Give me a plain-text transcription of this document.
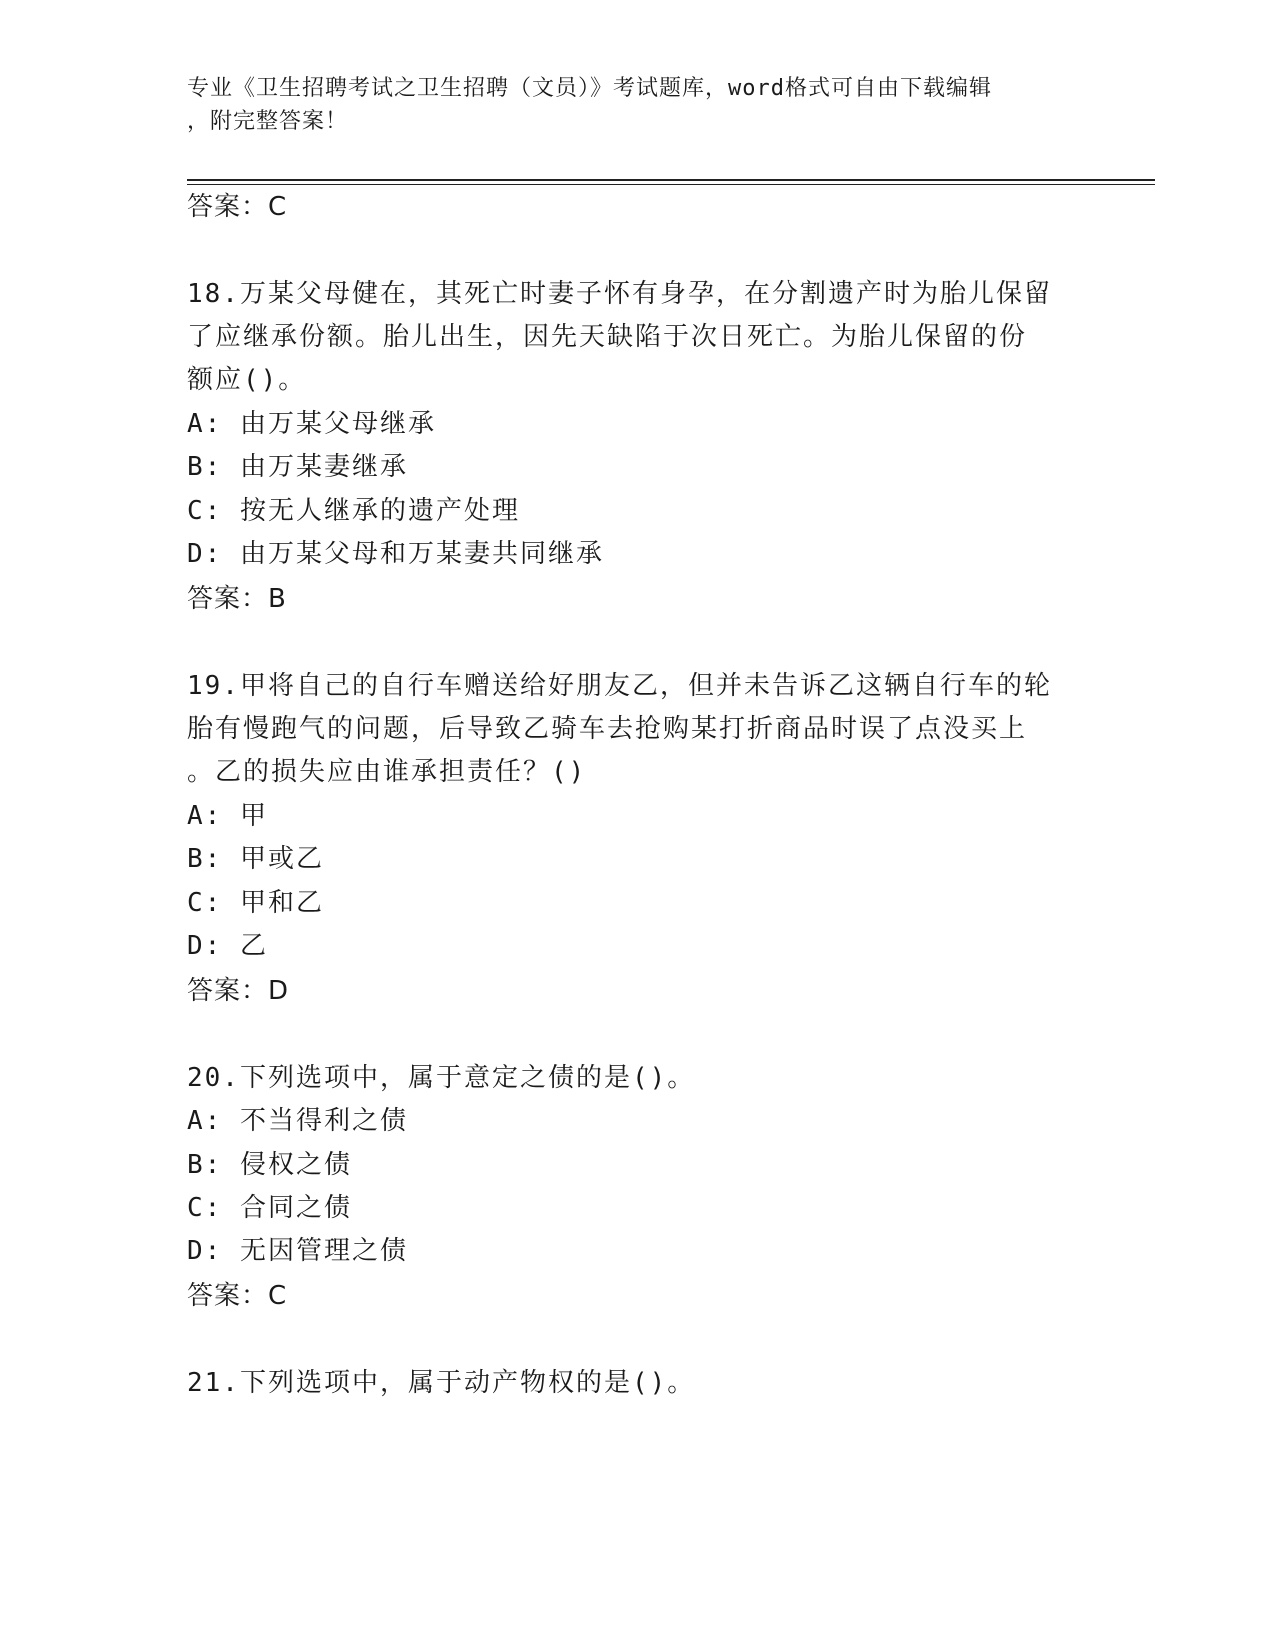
专业《卫生招聘考试之卫生招聘（文员）》考试题库，word格式可自由下载编辑
，附完整答案！
答案：C
18.万某父母健在，其死亡时妻子怀有身孕，在分割遗产时为胎儿保留
了应继承份额。胎儿出生，因先天缺陷于次日死亡。为胎儿保留的份
额应()。
A: 由万某父母继承
B: 由万某妻继承
C: 按无人继承的遗产处理
D: 由万某父母和万某妻共同继承
答案：B
19.甲将自己的自行车赠送给好朋友乙，但并未告诉乙这辆自行车的轮
胎有慢跑气的问题，后导致乙骑车去抢购某打折商品时误了点没买上
。乙的损失应由谁承担责任？()
A: 甲
B: 甲或乙
C: 甲和乙
D: 乙
答案：D
20.下列选项中，属于意定之债的是()。
A: 不当得利之债
B: 侵权之债
C: 合同之债
D: 无因管理之债
答案：C
21.下列选项中，属于动产物权的是()。
